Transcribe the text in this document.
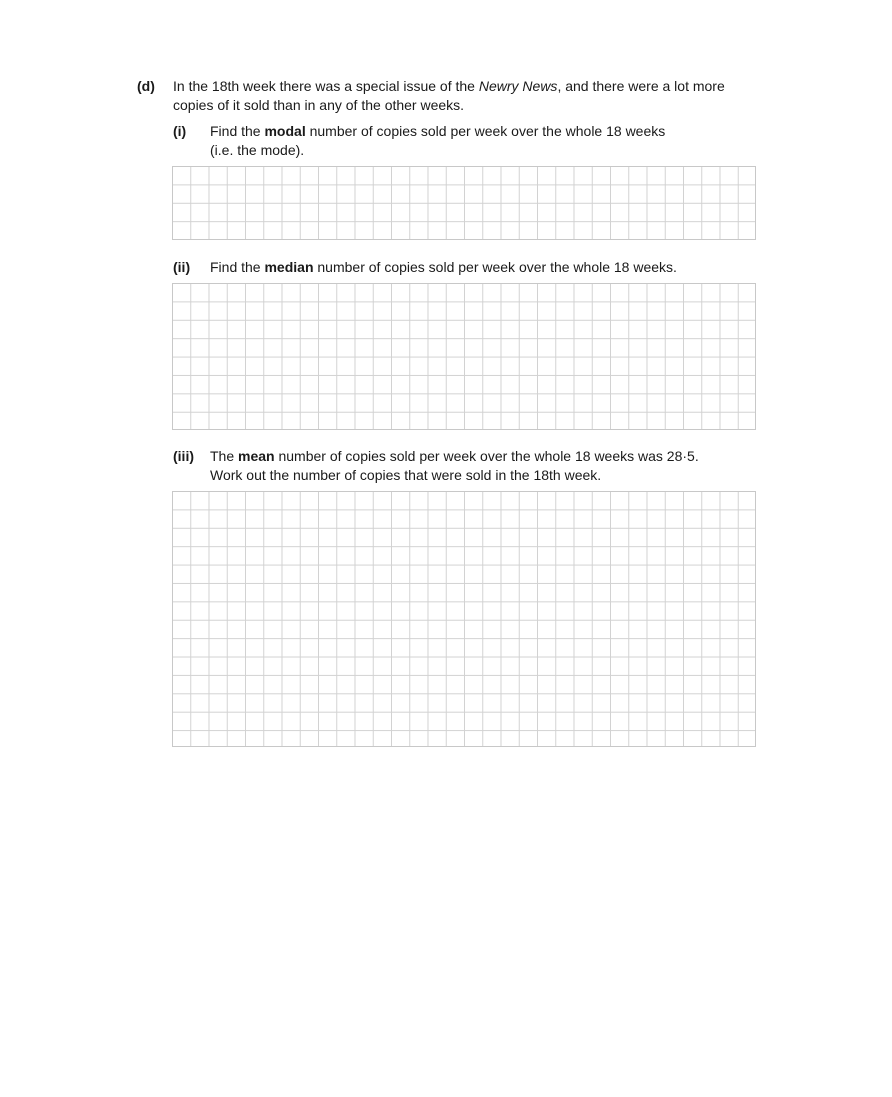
(d) In the 18th week there was a special issue of the Newry News, and there were a lot more
copies of it sold than in any of the other weeks.
(i) Find the modal number of copies sold per week over the whole 18 weeks
(i.e. the mode).
(ii) Find the median number of copies sold per week over the whole 18 weeks.
(iii) The mean number of copies sold per week over the whole 18 weeks was 28·5.
Work out the number of copies that were sold in the 18th week.
